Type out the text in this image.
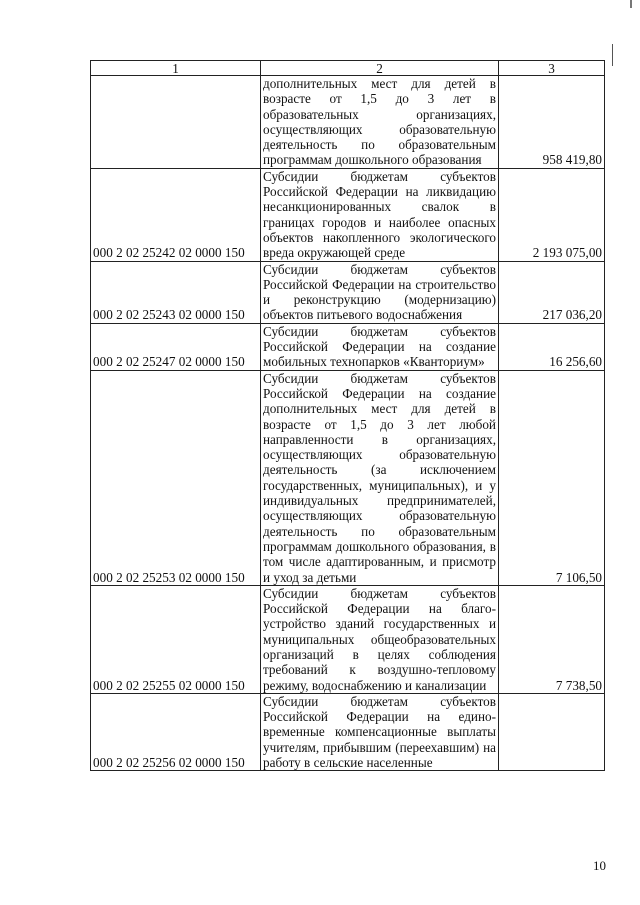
1	2	3
	дополнительных мест для детей в возрасте от 1,5 до 3 лет в образовательных организациях, осуществляющих образовательную деятельность по образовательным программам дошкольного образования	958 419,80
000 2 02 25242 02 0000 150	Субсидии бюджетам субъектов Российской Федерации на ликвидацию несанкционированных свалок в границах городов и наиболее опасных объектов накопленного экологического вреда окружающей среде	2 193 075,00
000 2 02 25243 02 0000 150	Субсидии бюджетам субъектов Российской Федерации на строительство и реконструкцию (модернизацию) объектов питьевого водоснабжения	217 036,20
000 2 02 25247 02 0000 150	Субсидии бюджетам субъектов Российской Федерации на создание мобильных технопарков «Кванториум»	16 256,60
000 2 02 25253 02 0000 150	Субсидии бюджетам субъектов Российской Федерации на создание дополнительных мест для детей в возрасте от 1,5 до 3 лет любой направленности в организациях, осуществляющих образовательную деятельность (за исключением государственных, муниципальных), и у индивидуальных предпринимателей, осуществляющих образовательную деятельность по образовательным программам дошкольного образования, в том числе адаптированным, и присмотр и уход за детьми	7 106,50
000 2 02 25255 02 0000 150	Субсидии бюджетам субъектов Российской Федерации на благо-устройство зданий государственных и муниципальных общеобразовательных организаций в целях соблюдения требований к воздушно-тепловому режиму, водоснабжению и канализации	7 738,50
000 2 02 25256 02 0000 150	Субсидии бюджетам субъектов Российской Федерации на едино-временные компенсационные выплаты учителям, прибывшим (переехавшим) на работу в сельские населенные	
10
